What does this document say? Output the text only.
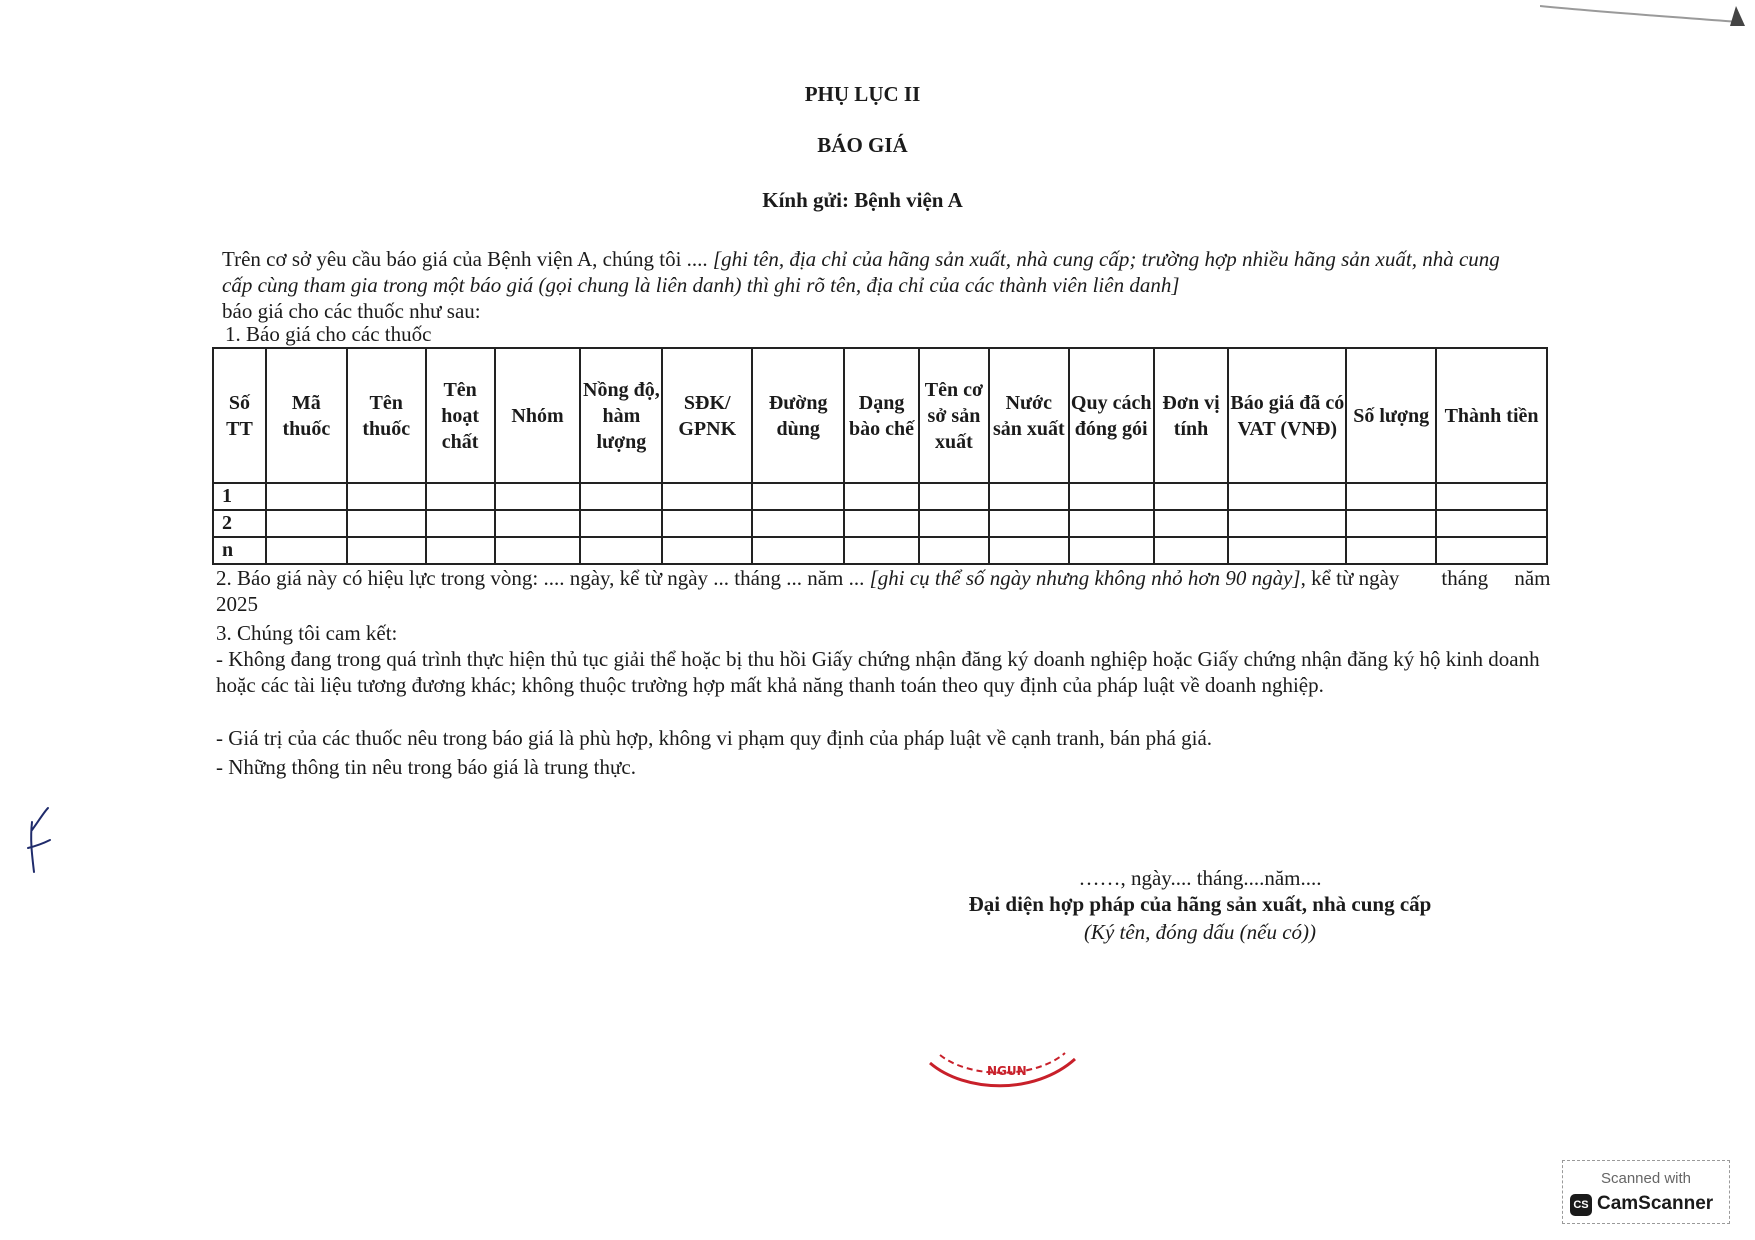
PHỤ LỤC II
BÁO GIÁ
Kính gửi: Bệnh viện A
Trên cơ sở yêu cầu báo giá của Bệnh viện A, chúng tôi .... [ghi tên, địa chỉ của hãng sản xuất, nhà cung cấp; trường hợp nhiều hãng sản xuất, nhà cung cấp cùng tham gia trong một báo giá (gọi chung là liên danh) thì ghi rõ tên, địa chỉ của các thành viên liên danh]
báo giá cho các thuốc như sau:
1. Báo giá cho các thuốc
Số TT	Mã thuốc	Tên thuốc	Tên hoạt chất	Nhóm	Nồng độ, hàm lượng	SĐK/ GPNK	Đường dùng	Dạng bào chế	Tên cơ sở sản xuất	Nước sản xuất	Quy cách đóng gói	Đơn vị tính	Báo giá đã có VAT (VNĐ)	Số lượng	Thành tiền
1															
2															
n															
2. Báo giá này có hiệu lực trong vòng: .... ngày, kể từ ngày ... tháng ... năm ... [ghi cụ thể số ngày nhưng không nhỏ hơn 90 ngày], kể từ ngày        tháng     năm 2025
3. Chúng tôi cam kết:
- Không đang trong quá trình thực hiện thủ tục giải thể hoặc bị thu hồi Giấy chứng nhận đăng ký doanh nghiệp hoặc Giấy chứng nhận đăng ký hộ kinh doanh hoặc các tài liệu tương đương khác; không thuộc trường hợp mất khả năng thanh toán theo quy định của pháp luật về doanh nghiệp.
- Giá trị của các thuốc nêu trong báo giá là phù hợp, không vi phạm quy định của pháp luật về cạnh tranh, bán phá giá.
- Những thông tin nêu trong báo giá là trung thực.
……, ngày.... tháng....năm....
Đại diện hợp pháp của hãng sản xuất, nhà cung cấp
(Ký tên, đóng dấu (nếu có))
NGUN
Scanned with
CS CamScanner
